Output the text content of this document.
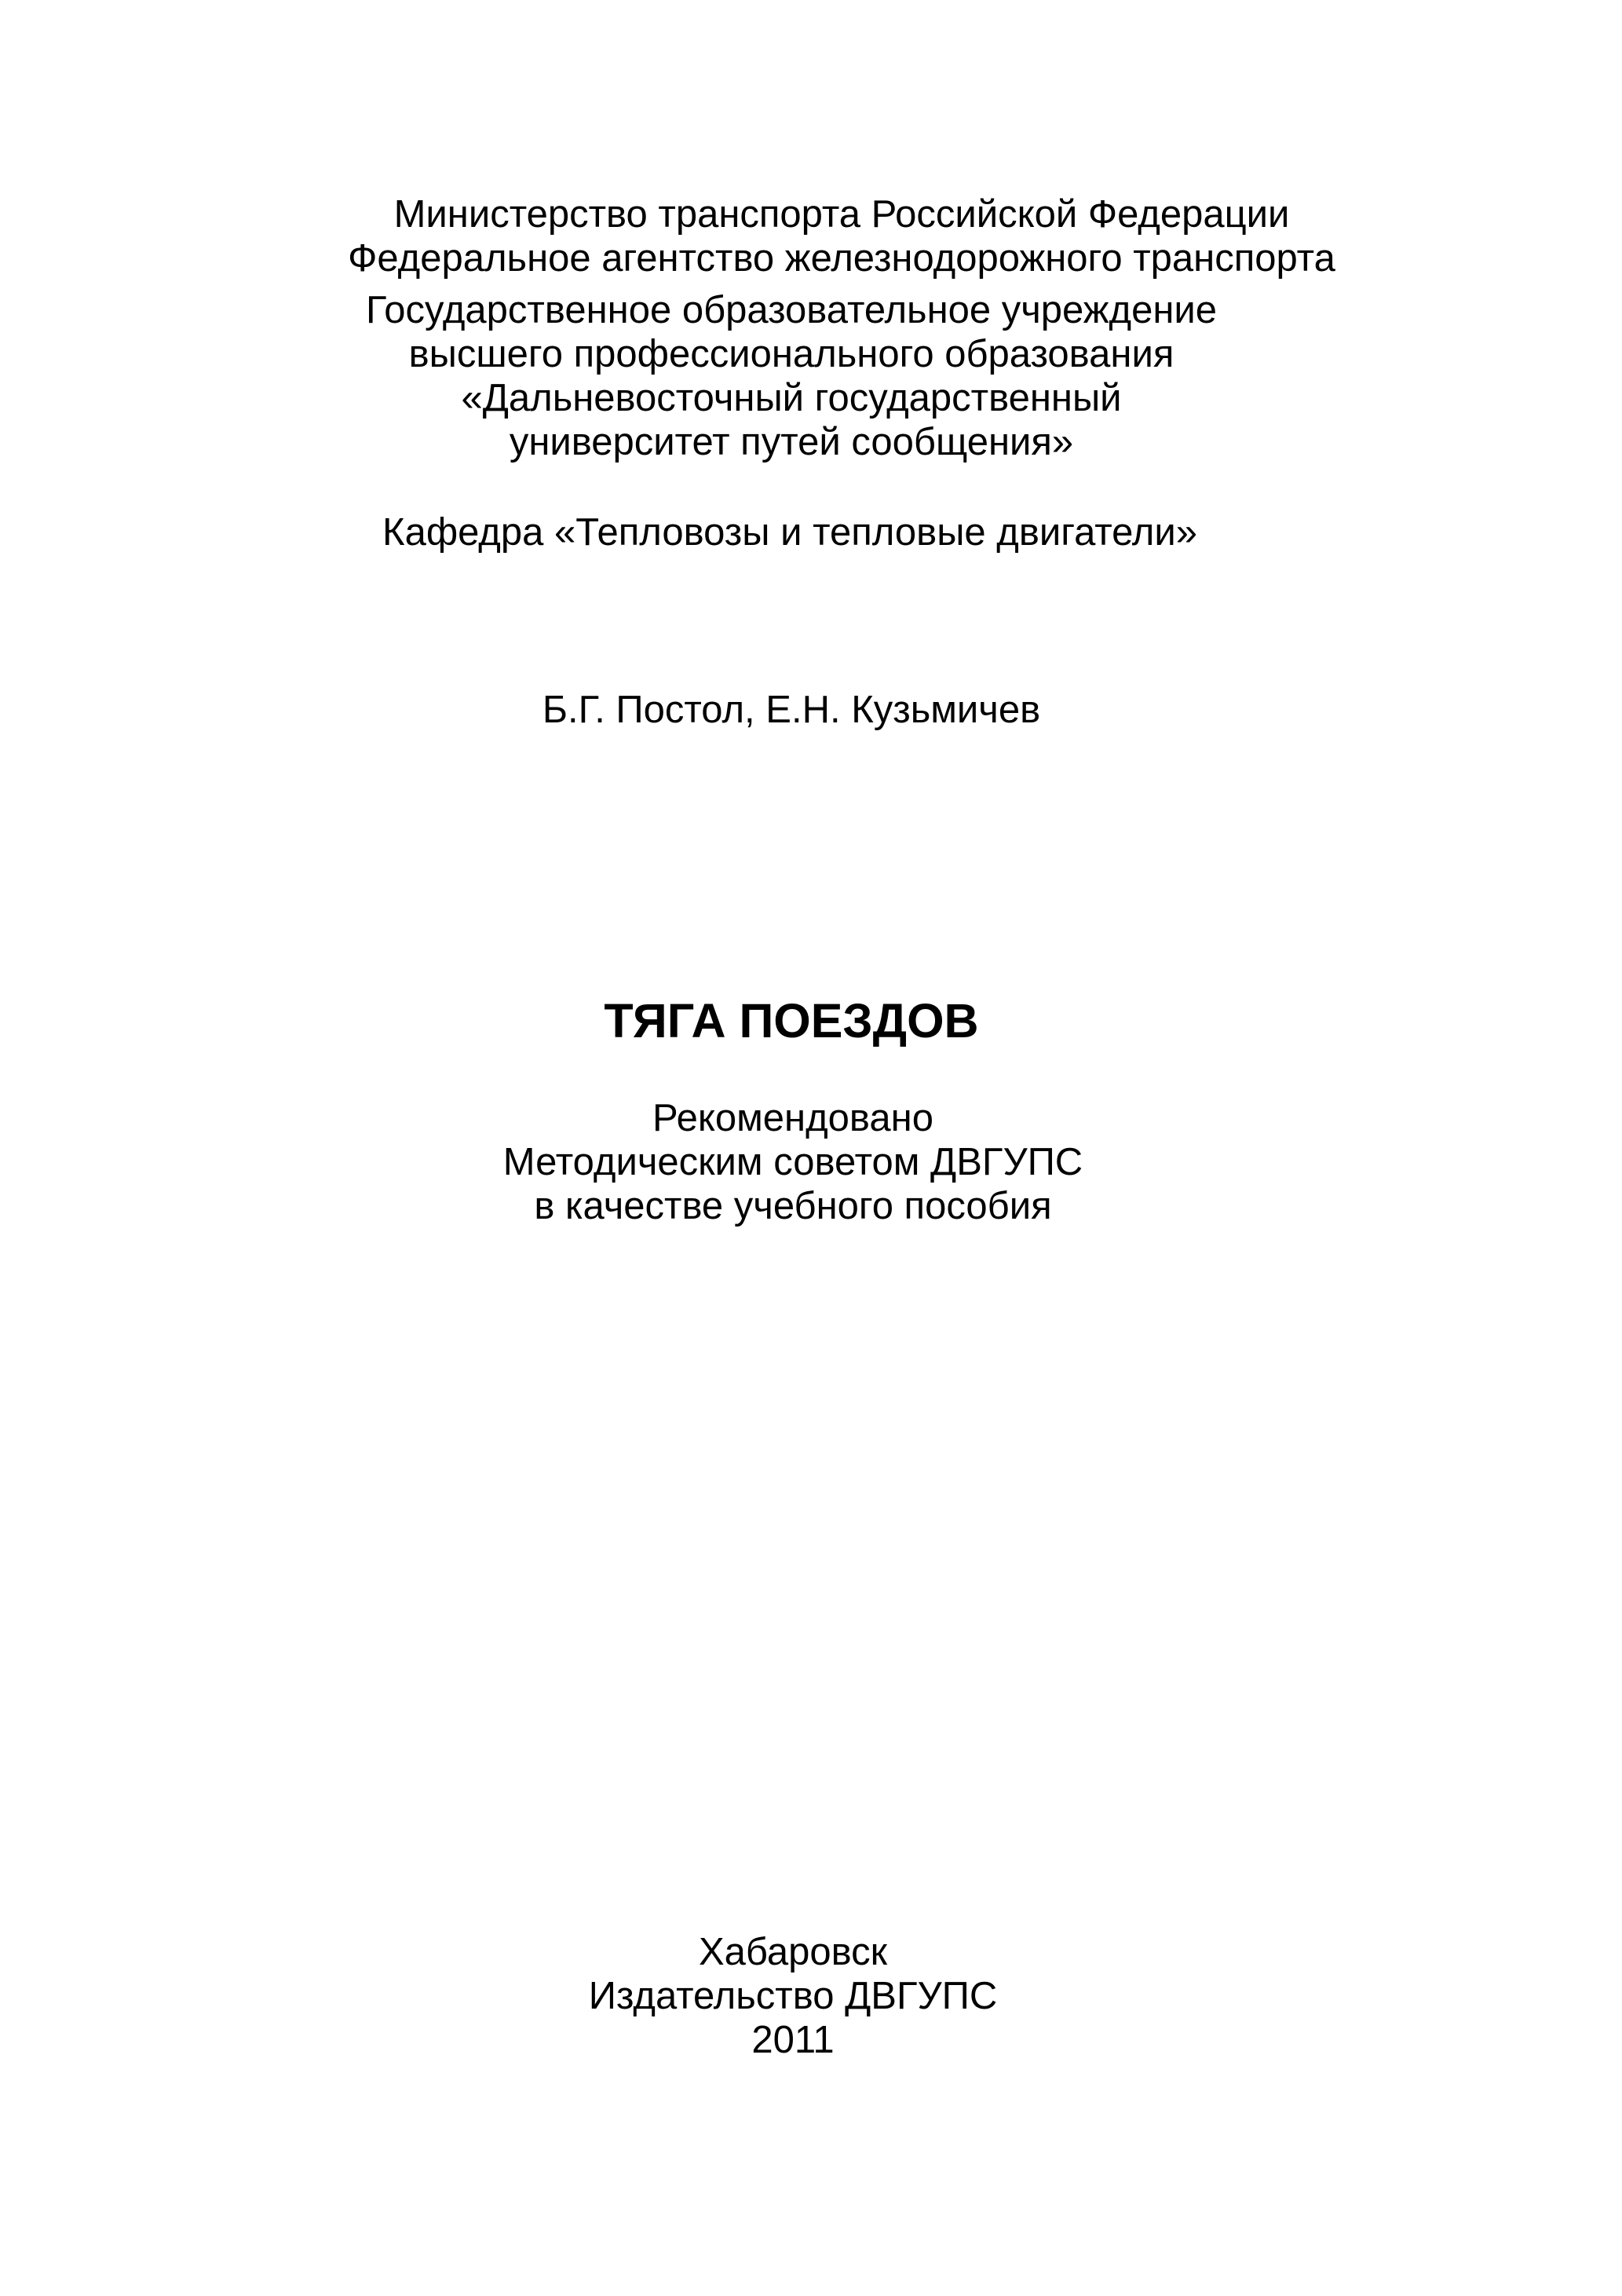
Министерство транспорта Российской Федерации
Федеральное агентство железнодорожного транспорта
Государственное образовательное учреждение
высшего профессионального образования
«Дальневосточный государственный
университет путей сообщения»
Кафедра «Тепловозы и тепловые двигатели»
Б.Г. Постол, Е.Н. Кузьмичев
ТЯГА ПОЕЗДОВ
Рекомендовано
Методическим советом ДВГУПС
в качестве учебного пособия
Хабаровск
Издательство ДВГУПС
2011
